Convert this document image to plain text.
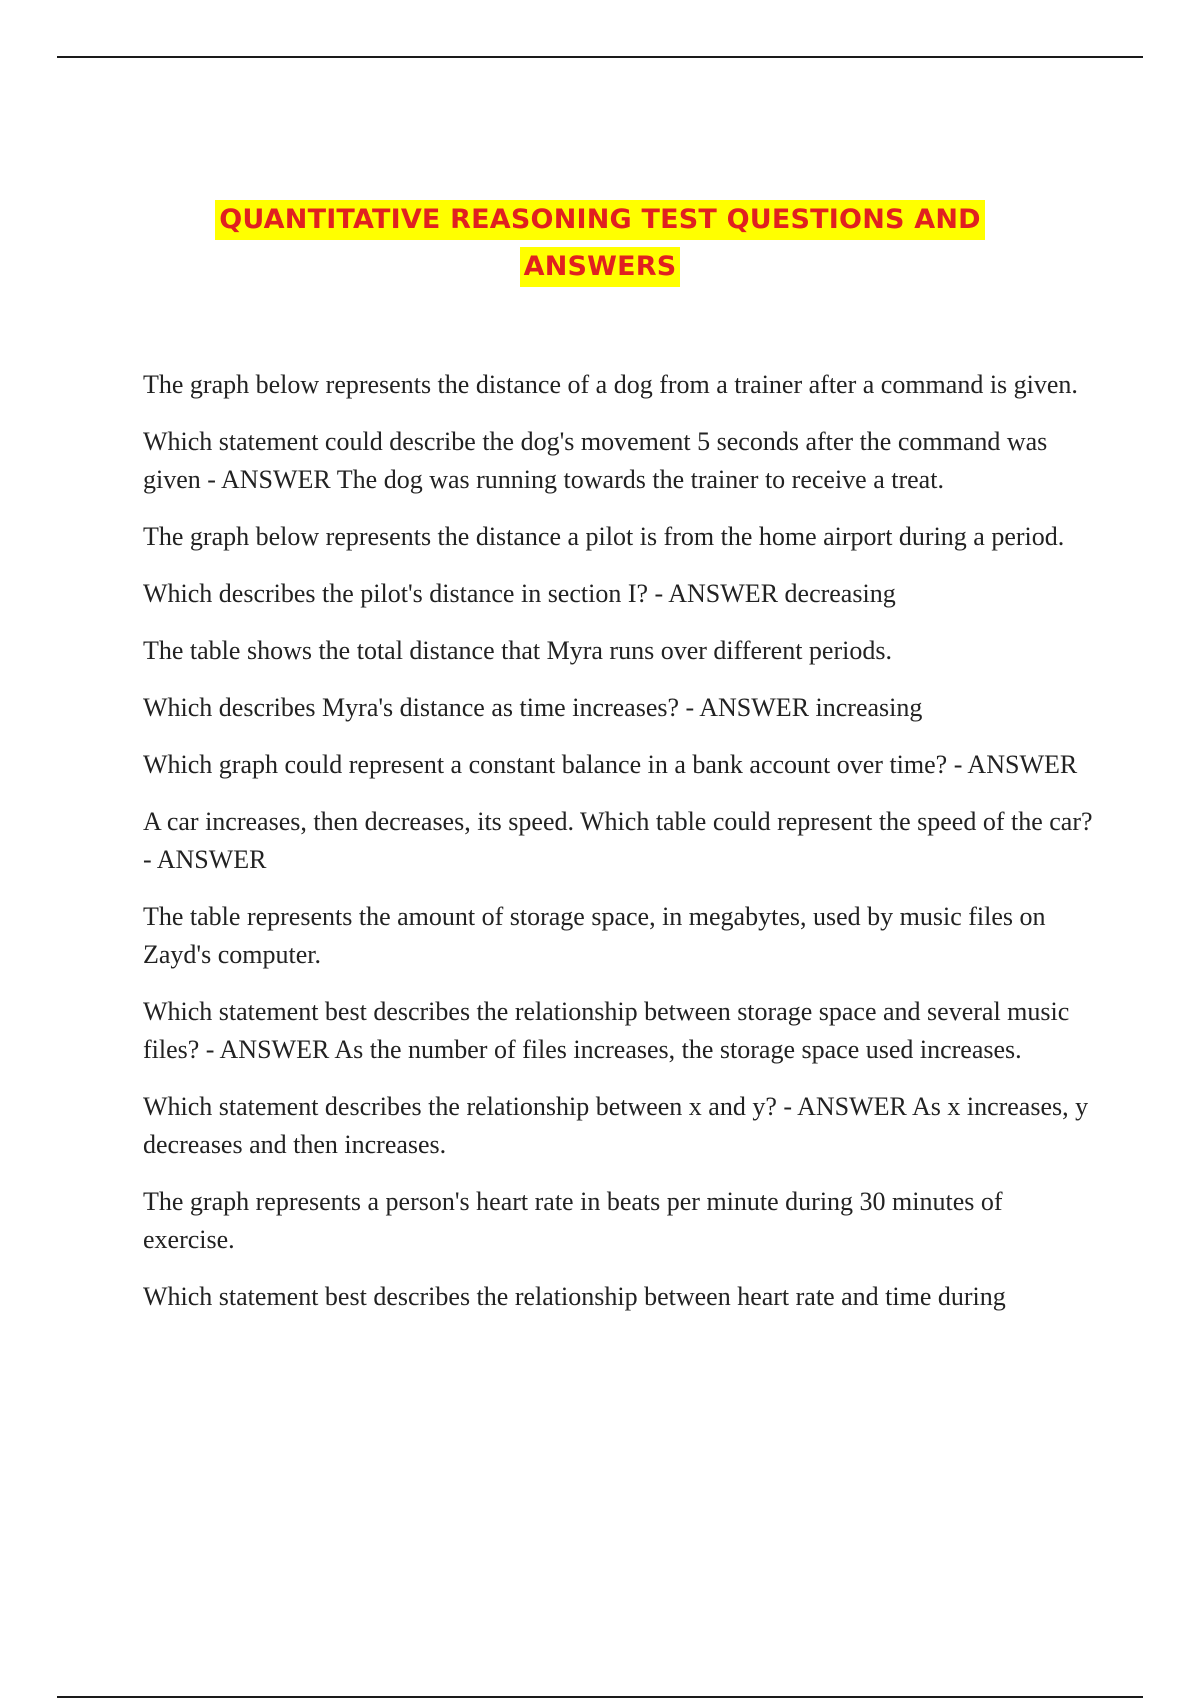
QUANTITATIVE REASONING TEST QUESTIONS AND
ANSWERS

The graph below represents the distance of a dog from a trainer after a command is given.

Which statement could describe the dog's movement 5 seconds after the command was given - ANSWER The dog was running towards the trainer to receive a treat.

The graph below represents the distance a pilot is from the home airport during a period.

Which describes the pilot's distance in section I? - ANSWER decreasing

The table shows the total distance that Myra runs over different periods.

Which describes Myra's distance as time increases? - ANSWER increasing

Which graph could represent a constant balance in a bank account over time? - ANSWER

A car increases, then decreases, its speed. Which table could represent the speed of the car? - ANSWER

The table represents the amount of storage space, in megabytes, used by music files on Zayd's computer.

Which statement best describes the relationship between storage space and several music files? - ANSWER As the number of files increases, the storage space used increases.

Which statement describes the relationship between x and y? - ANSWER As x increases, y decreases and then increases.

The graph represents a person's heart rate in beats per minute during 30 minutes of exercise.

Which statement best describes the relationship between heart rate and time during
